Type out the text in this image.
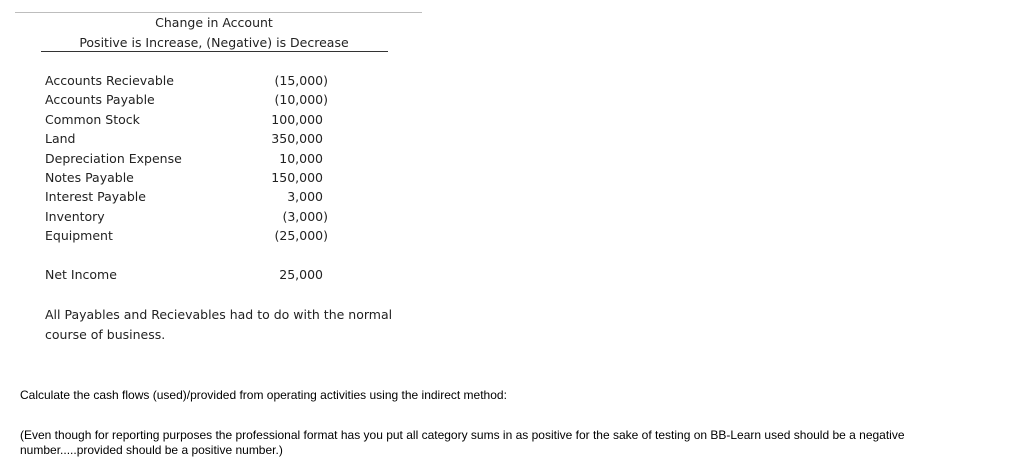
Change in Account
Positive is Increase, (Negative) is Decrease
Accounts Recievable	(15,000)
Accounts Payable	(10,000)
Common Stock	100,000
Land	350,000
Depreciation Expense	10,000
Notes Payable	150,000
Interest Payable	3,000
Inventory	(3,000)
Equipment	(25,000)
Net Income	25,000
All Payables and Recievables had to do with the normal course of business.
Calculate the cash flows (used)/provided from operating activities using the indirect method:
(Even though for reporting purposes the professional format has you put all category sums in as positive for the sake of testing on BB-Learn used should be a negative number.....provided should be a positive number.)
